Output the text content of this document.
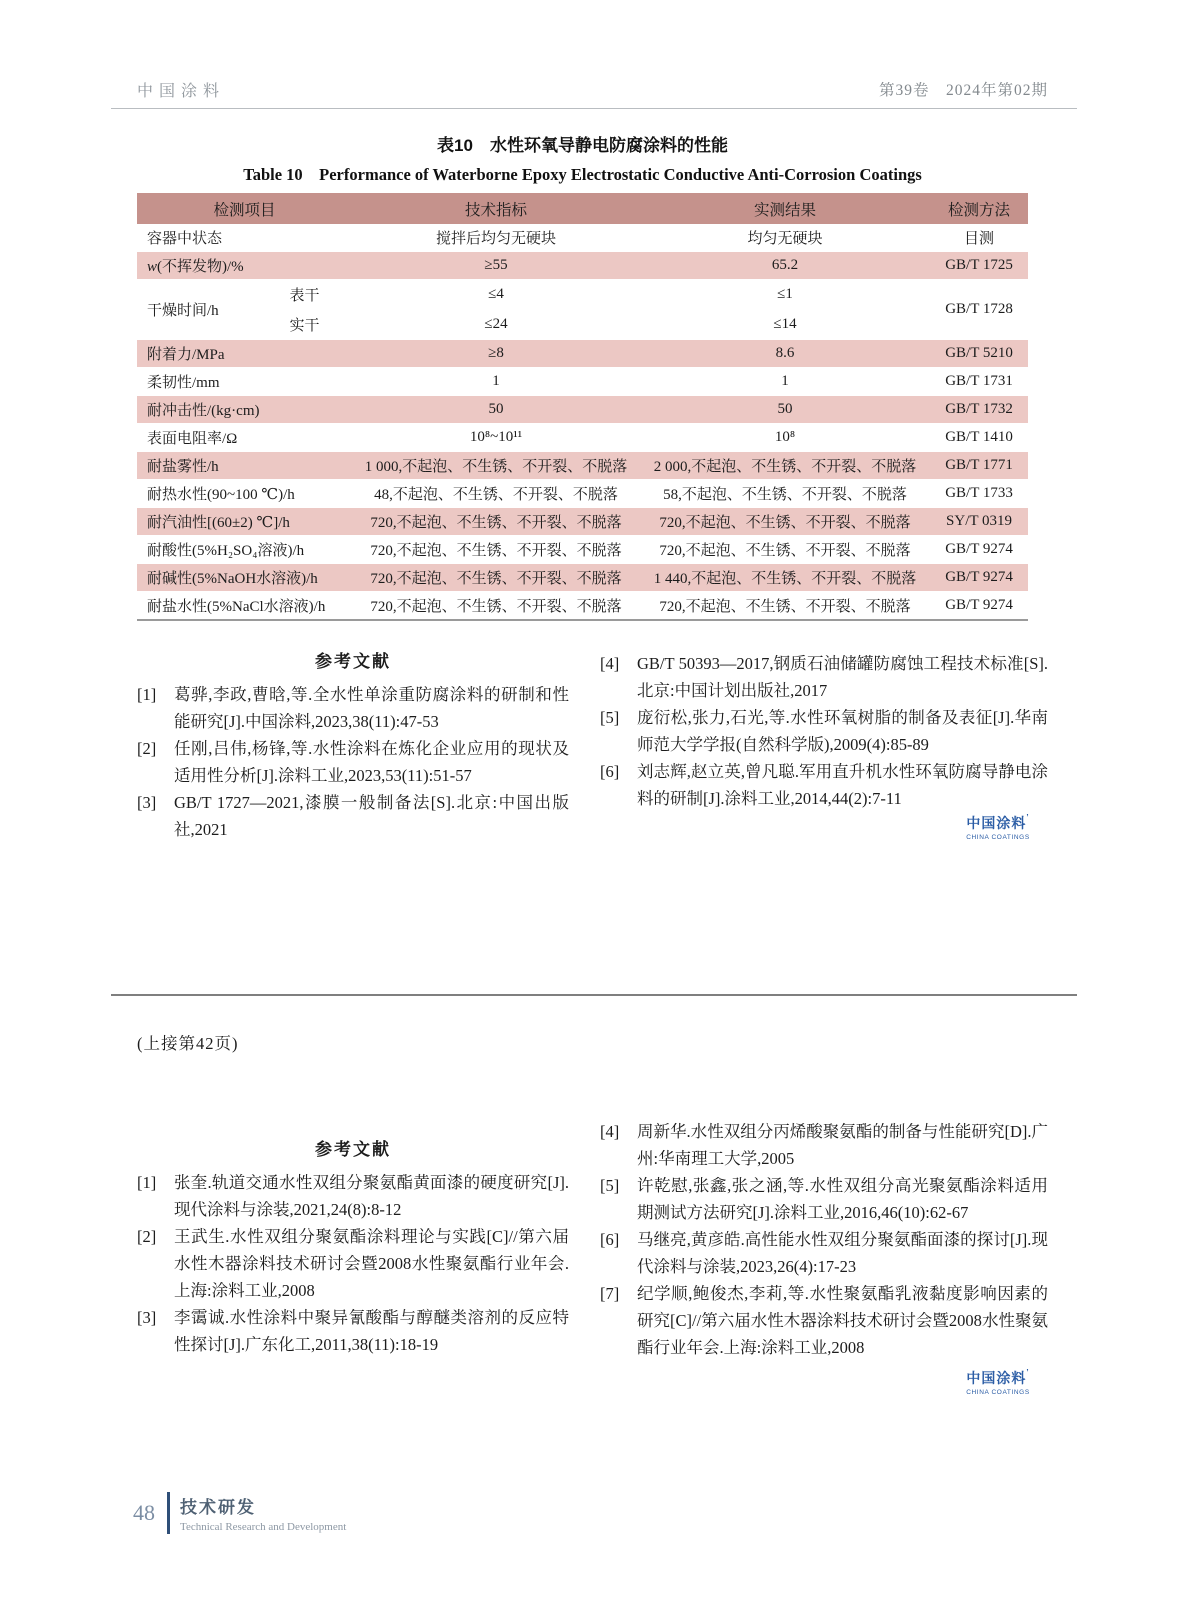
中国涂料	第39卷　2024年第02期
表10　水性环氧导静电防腐涂料的性能
Table 10　Performance of Waterborne Epoxy Electrostatic Conductive Anti-Corrosion Coatings
检测项目		技术指标	实测结果	检测方法
容器中状态		搅拌后均匀无硬块	均匀无硬块	目测
w(不挥发物)/%		≥55	65.2	GB/T 1725
干燥时间/h	表干	≤4	≤1	GB/T 1728
	实干	≤24	≤14	
附着力/MPa		≥8	8.6	GB/T 5210
柔韧性/mm		1	1	GB/T 1731
耐冲击性/(kg·cm)		50	50	GB/T 1732
表面电阻率/Ω		10⁸~10¹¹	10⁸	GB/T 1410
耐盐雾性/h		1 000,不起泡、不生锈、不开裂、不脱落	2 000,不起泡、不生锈、不开裂、不脱落	GB/T 1771
耐热水性(90~100 ℃)/h		48,不起泡、不生锈、不开裂、不脱落	58,不起泡、不生锈、不开裂、不脱落	GB/T 1733
耐汽油性[(60±2) ℃]/h		720,不起泡、不生锈、不开裂、不脱落	720,不起泡、不生锈、不开裂、不脱落	SY/T 0319
耐酸性(5%H₂SO₄溶液)/h		720,不起泡、不生锈、不开裂、不脱落	720,不起泡、不生锈、不开裂、不脱落	GB/T 9274
耐碱性(5%NaOH水溶液)/h		720,不起泡、不生锈、不开裂、不脱落	1 440,不起泡、不生锈、不开裂、不脱落	GB/T 9274
耐盐水性(5%NaCl水溶液)/h		720,不起泡、不生锈、不开裂、不脱落	720,不起泡、不生锈、不开裂、不脱落	GB/T 9274
参考文献
[1]	葛骅,李政,曹晗,等.全水性单涂重防腐涂料的研制和性能研究[J].中国涂料,2023,38(11):47-53
[2]	任刚,吕伟,杨锋,等.水性涂料在炼化企业应用的现状及适用性分析[J].涂料工业,2023,53(11):51-57
[3]	GB/T 1727—2021,漆膜一般制备法[S].北京:中国出版社,2021
[4]	GB/T 50393—2017,钢质石油储罐防腐蚀工程技术标准[S].北京:中国计划出版社,2017
[5]	庞衍松,张力,石光,等.水性环氧树脂的制备及表征[J].华南师范大学学报(自然科学版),2009(4):85-89
[6]	刘志辉,赵立英,曾凡聪.军用直升机水性环氧防腐导静电涂料的研制[J].涂料工业,2014,44(2):7-11
中国涂料’
CHINA COATINGS
(上接第42页)
参考文献
[1]	张奎.轨道交通水性双组分聚氨酯黄面漆的硬度研究[J].现代涂料与涂装,2021,24(8):8-12
[2]	王武生.水性双组分聚氨酯涂料理论与实践[C]//第六届水性木器涂料技术研讨会暨2008水性聚氨酯行业年会.上海:涂料工业,2008
[3]	李霭诚.水性涂料中聚异氰酸酯与醇醚类溶剂的反应特性探讨[J].广东化工,2011,38(11):18-19
[4]	周新华.水性双组分丙烯酸聚氨酯的制备与性能研究[D].广州:华南理工大学,2005
[5]	许乾慰,张鑫,张之涵,等.水性双组分高光聚氨酯涂料适用期测试方法研究[J].涂料工业,2016,46(10):62-67
[6]	马继亮,黄彦皓.高性能水性双组分聚氨酯面漆的探讨[J].现代涂料与涂装,2023,26(4):17-23
[7]	纪学顺,鲍俊杰,李莉,等.水性聚氨酯乳液黏度影响因素的研究[C]//第六届水性木器涂料技术研讨会暨2008水性聚氨酯行业年会.上海:涂料工业,2008
中国涂料’
CHINA COATINGS
48 技术研发
Technical Research and Development
